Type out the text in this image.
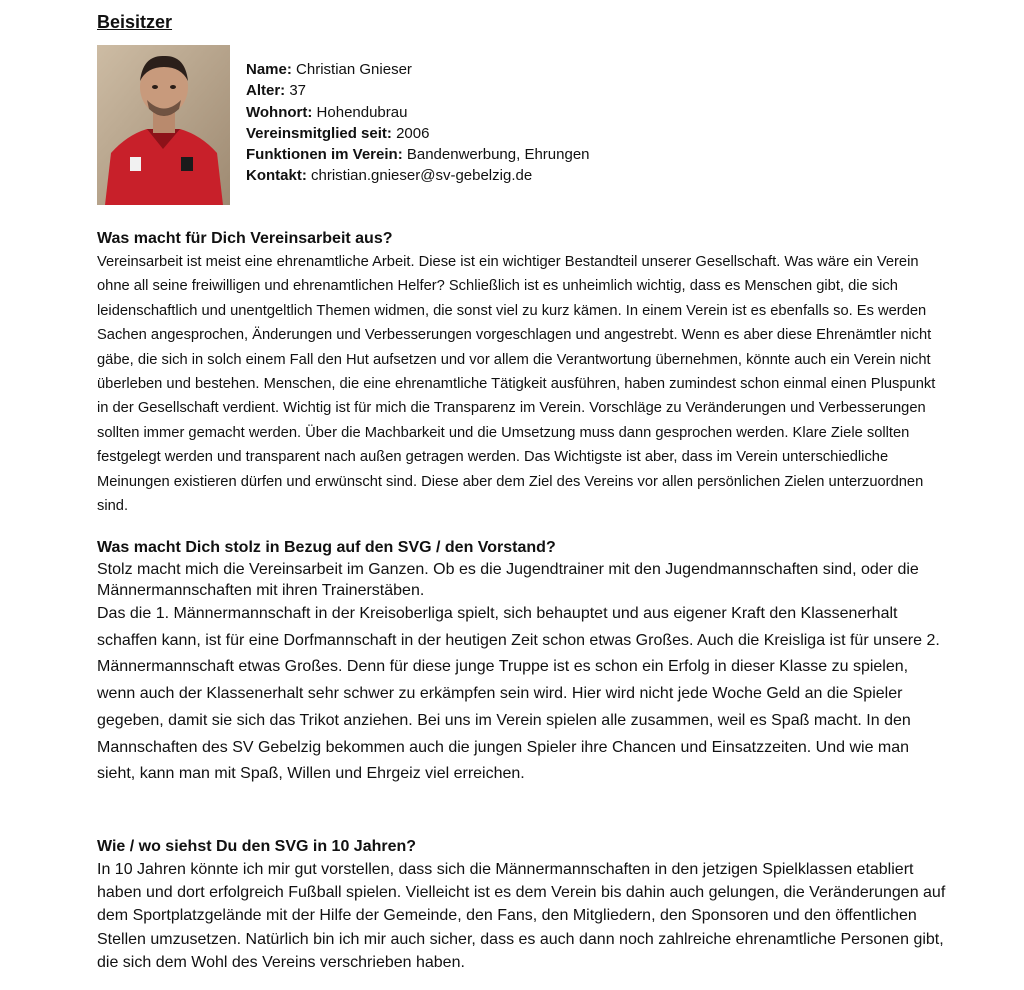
Beisitzer
Name: Christian Gnieser
Alter: 37
Wohnort: Hohendubrau
Vereinsmitglied seit: 2006
Funktionen im Verein: Bandenwerbung, Ehrungen
Kontakt: christian.gnieser@sv-gebelzig.de
Was macht für Dich Vereinsarbeit aus?

Vereinsarbeit ist meist eine ehrenamtliche Arbeit. Diese ist ein wichtiger Bestandteil unserer Gesellschaft. Was wäre ein Verein ohne all seine freiwilligen und ehrenamtlichen Helfer? Schließlich ist es unheimlich wichtig, dass es Menschen gibt, die sich leidenschaftlich und unentgeltlich Themen widmen, die sonst viel zu kurz kämen. In einem Verein ist es ebenfalls so. Es werden Sachen angesprochen, Änderungen und Verbesserungen vorgeschlagen und angestrebt. Wenn es aber diese Ehrenämtler nicht gäbe, die sich in solch einem Fall den Hut aufsetzen und vor allem die Verantwortung übernehmen, könnte auch ein Verein nicht überleben und bestehen. Menschen, die eine ehrenamtliche Tätigkeit ausführen, haben zumindest schon einmal einen Pluspunkt in der Gesellschaft verdient. Wichtig ist für mich die Transparenz im Verein. Vorschläge zu Veränderungen und Verbesserungen sollten immer gemacht werden. Über die Machbarkeit und die Umsetzung muss dann gesprochen werden. Klare Ziele sollten festgelegt werden und transparent nach außen getragen werden. Das Wichtigste ist aber, dass im Verein unterschiedliche Meinungen existieren dürfen und erwünscht sind. Diese aber dem Ziel des Vereins vor allen persönlichen Zielen unterzuordnen sind.

Was macht Dich stolz in Bezug auf den SVG / den Vorstand?

Stolz macht mich die Vereinsarbeit im Ganzen. Ob es die Jugendtrainer mit den Jugendmannschaften sind, oder die Männermannschaften mit ihren Trainerstäben.

Das die 1. Männermannschaft in der Kreisoberliga spielt, sich behauptet und aus eigener Kraft den Klassenerhalt schaffen kann, ist für eine Dorfmannschaft in der heutigen Zeit schon etwas Großes. Auch die Kreisliga ist für unsere 2. Männermannschaft etwas Großes. Denn für diese junge Truppe ist es schon ein Erfolg in dieser Klasse zu spielen, wenn auch der Klassenerhalt sehr schwer zu erkämpfen sein wird. Hier wird nicht jede Woche Geld an die Spieler gegeben, damit sie sich das Trikot anziehen. Bei uns im Verein spielen alle zusammen, weil es Spaß macht. In den Mannschaften des SV Gebelzig bekommen auch die jungen Spieler ihre Chancen und Einsatzzeiten. Und wie man sieht, kann man mit Spaß, Willen und Ehrgeiz viel erreichen.

Wie / wo siehst Du den SVG in 10 Jahren?

In 10 Jahren könnte ich mir gut vorstellen, dass sich die Männermannschaften in den jetzigen Spielklassen etabliert haben und dort erfolgreich Fußball spielen. Vielleicht ist es dem Verein bis dahin auch gelungen, die Veränderungen auf dem Sportplatzgelände mit der Hilfe der Gemeinde, den Fans, den Mitgliedern, den Sponsoren und den öffentlichen Stellen umzusetzen. Natürlich bin ich mir auch sicher, dass es auch dann noch zahlreiche ehrenamtliche Personen gibt, die sich dem Wohl des Vereins verschrieben haben.
